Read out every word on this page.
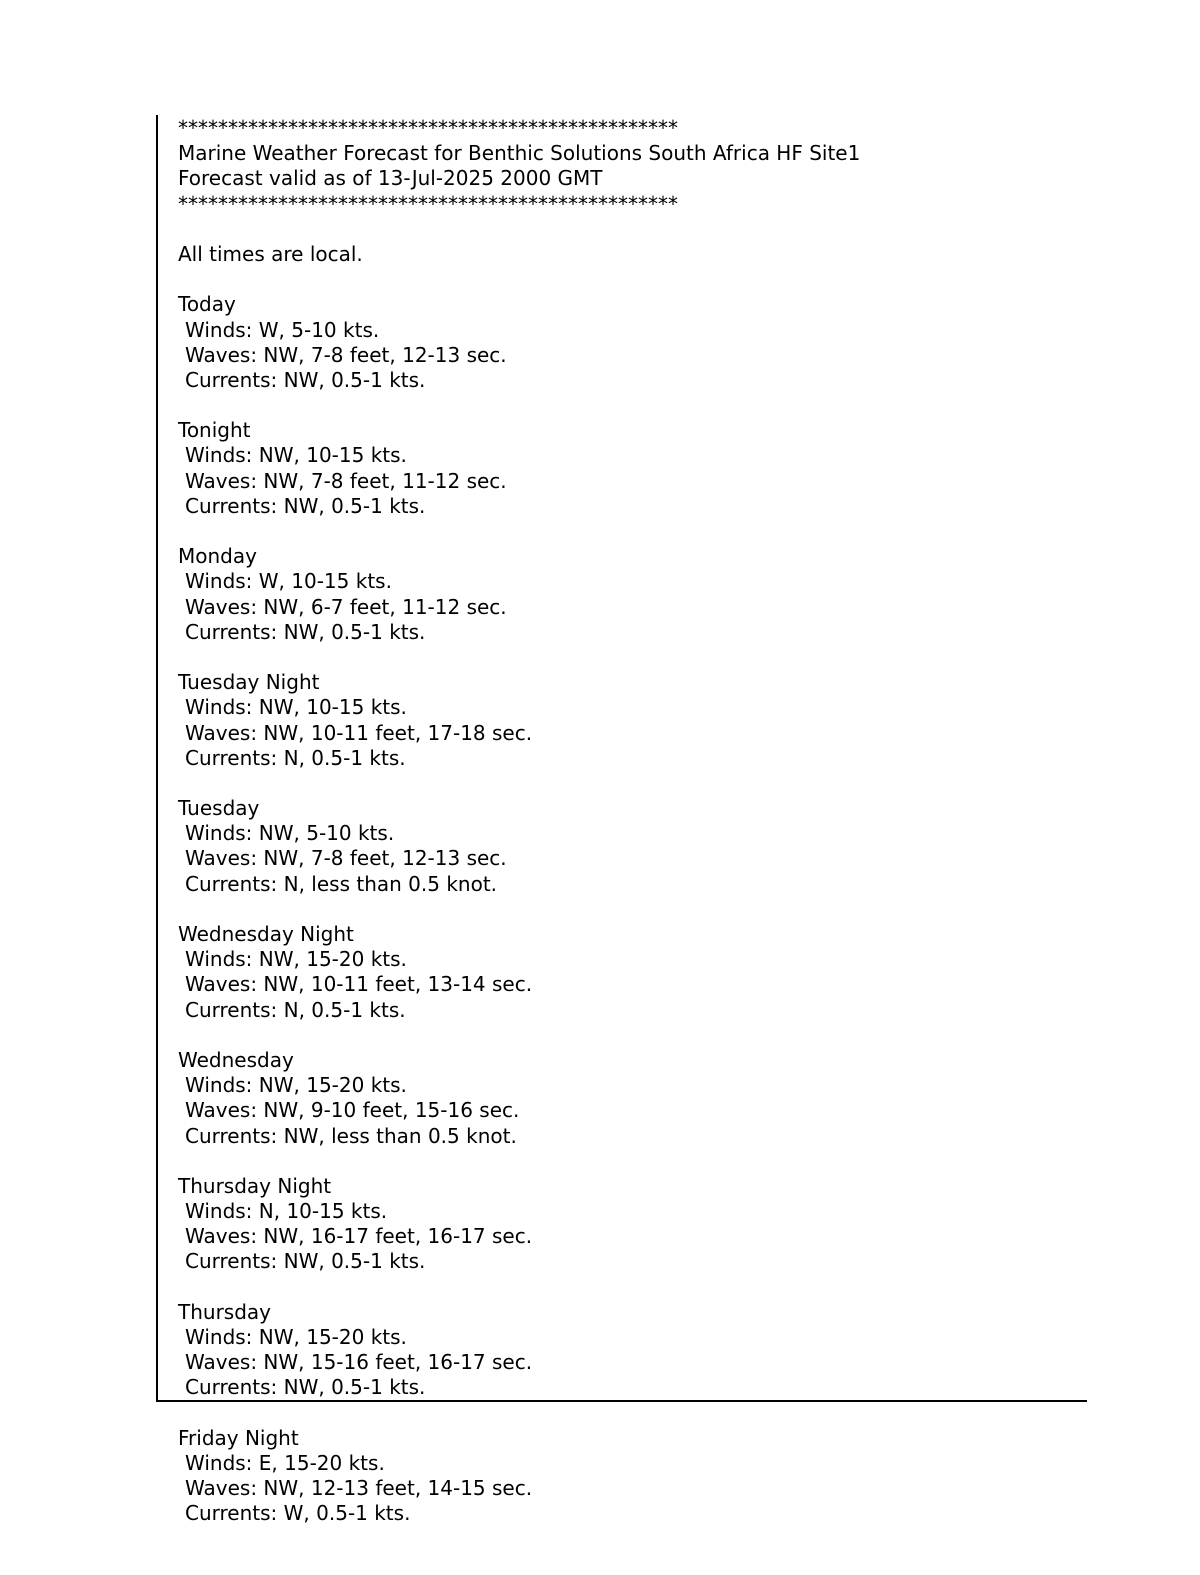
**************************************************
Marine Weather Forecast for Benthic Solutions South Africa HF Site1
Forecast valid as of 13-Jul-2025 2000 GMT
**************************************************
All times are local.
Today
Winds: W, 5-10 kts.
Waves: NW, 7-8 feet, 12-13 sec.
Currents: NW, 0.5-1 kts.
Tonight
Winds: NW, 10-15 kts.
Waves: NW, 7-8 feet, 11-12 sec.
Currents: NW, 0.5-1 kts.
Monday
Winds: W, 10-15 kts.
Waves: NW, 6-7 feet, 11-12 sec.
Currents: NW, 0.5-1 kts.
Tuesday Night
Winds: NW, 10-15 kts.
Waves: NW, 10-11 feet, 17-18 sec.
Currents: N, 0.5-1 kts.
Tuesday
Winds: NW, 5-10 kts.
Waves: NW, 7-8 feet, 12-13 sec.
Currents: N, less than 0.5 knot.
Wednesday Night
Winds: NW, 15-20 kts.
Waves: NW, 10-11 feet, 13-14 sec.
Currents: N, 0.5-1 kts.
Wednesday
Winds: NW, 15-20 kts.
Waves: NW, 9-10 feet, 15-16 sec.
Currents: NW, less than 0.5 knot.
Thursday Night
Winds: N, 10-15 kts.
Waves: NW, 16-17 feet, 16-17 sec.
Currents: NW, 0.5-1 kts.
Thursday
Winds: NW, 15-20 kts.
Waves: NW, 15-16 feet, 16-17 sec.
Currents: NW, 0.5-1 kts.
Friday Night
Winds: E, 15-20 kts.
Waves: NW, 12-13 feet, 14-15 sec.
Currents: W, 0.5-1 kts.
